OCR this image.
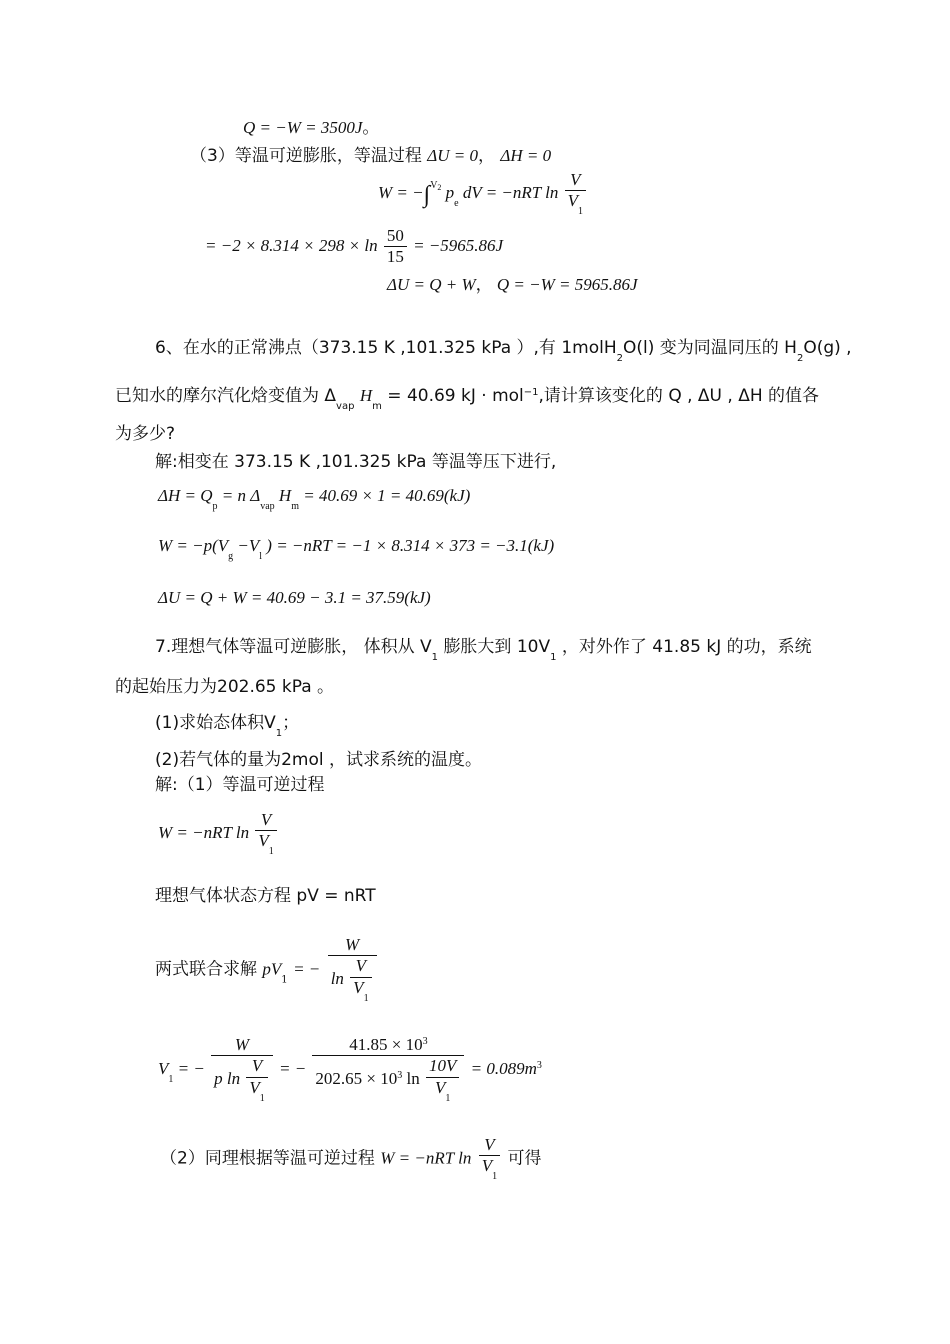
Q = −W = 3500J。
（3）等温可逆膨胀，等温过程 ΔU = 0， ΔH = 0
W = −∫$^{V2}$ $p_e$ dV = −nRT $\ln \frac{V}{V_1}$
= $-2 \times 8.314 \times 298 \times \ln \frac{50}{15} = -5965.86J$
ΔU = Q + W， Q = −W = 5965.86J
6、在水的正常沸点（373.15 K ,101.325 kPa ）,有 1molH$_2$O(l) 变为同温同压的 $H_2O(g)$ ,
已知水的摩尔汽化焓变值为 $\Delta_{vap}$ $H_m = 40.69$ kJ · mol$^{-1}$,请计算该变化的 Q , ΔU , ΔH 的值各
为多少?
解:相变在 373.15 K ,101.325 kPa 等温等压下进行,
$\Delta H = Q_p = n$ $\Delta_{vap}$ $H_m = 40.69 \times 1 = 40.69(kJ)$
$W = -p(V_g -V_l$ ) = −nRT = −1 × 8.314 × 373 = −3.1(kJ)
ΔU = Q + W = 40.69 − 3.1 = 37.59(kJ)
7.理想气体等温可逆膨胀， 体积从 $V_1$ 膨胀大到 $10V_1$ ，对外作了 41.85 kJ 的功，系统
的起始压力为202.65 kPa 。
(1)求始态体积$V_1$；
(2)若气体的量为2mol ，试求系统的温度。
解:（1）等温可逆过程
W = −nRT $\ln \frac{V}{V_1}$
理想气体状态方程 pV = nRT
两式联合求解 $pV_1$ = − $\frac{W}{\ln \frac{V}{V_1}}$
$V_1$ = − $\frac{W}{p \ln \frac{V}{V_1}}$ = − $\frac{41.85 \times 10^3}{202.65 \times 10^3 \ln \frac{10V}{V_1}} = 0.089m^3$
（2）同理根据等温可逆过程 W = −nRT $\ln \frac{V}{V_1}$ 可得
